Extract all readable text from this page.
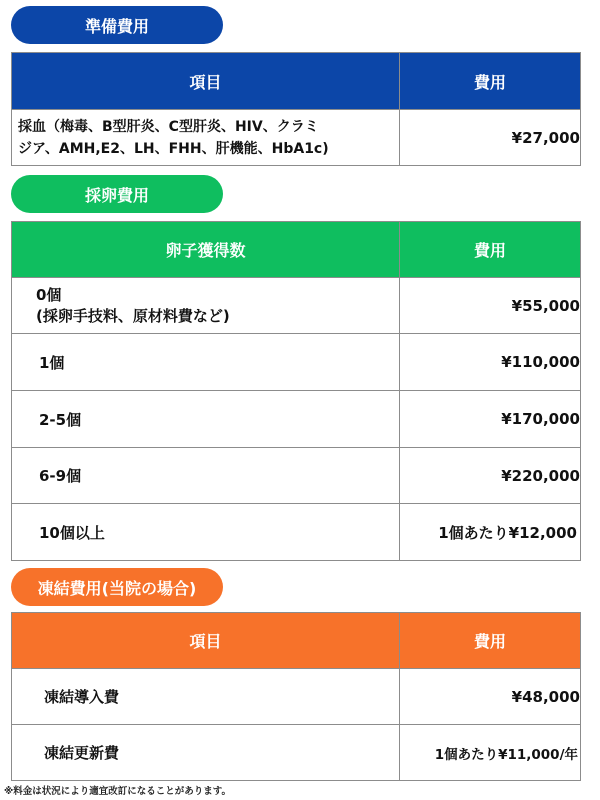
準備費用
項目	費用

採血（梅毒、B型肝炎、C型肝炎、HIV、クラミ
ジア、AMH,E2、LH、FHH、肝機能、HbA1c)	¥27,000
採卵費用
卵子獲得数	費用

0個
(採卵手技料、原材料費など)	¥55,000
1個	¥110,000
2-5個	¥170,000
6-9個	¥220,000
10個以上	1個あたり¥12,000
凍結費用(当院の場合)
項目	費用
凍結導入費	¥48,000
凍結更新費	1個あたり¥11,000/年
※料金は状況により適宜改訂になることがあります。
